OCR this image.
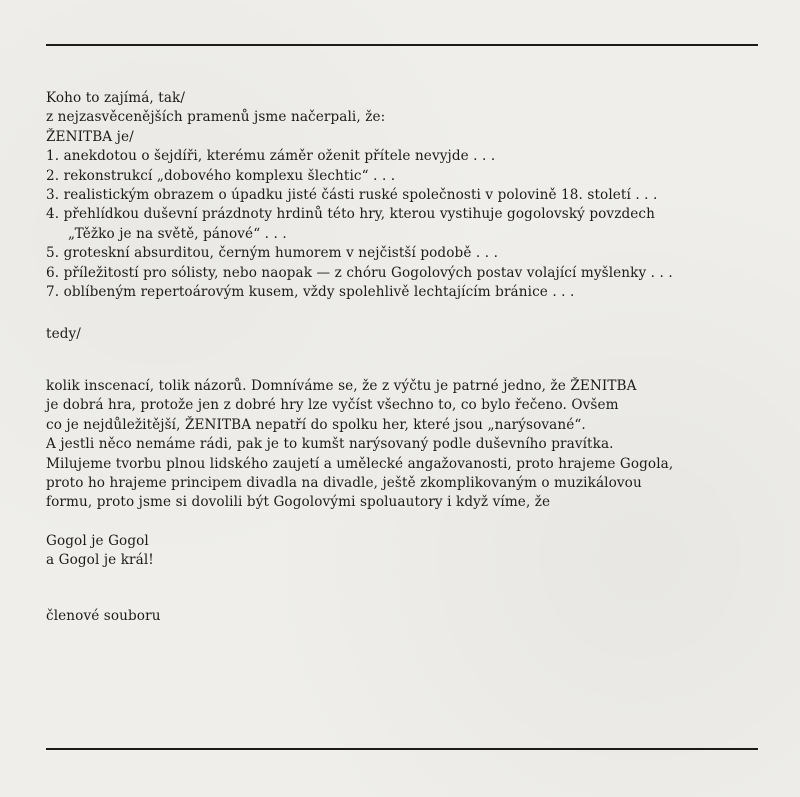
Koho to zajímá, tak/
z nejzasvěcenějších pramenů jsme načerpali, že:
ŽENITBA je/
1. anekdotou o šejdíři, kterému záměr oženit přítele nevyjde . . .
2. rekonstrukcí „dobového komplexu šlechtic“ . . .
3. realistickým obrazem o úpadku jisté části ruské společnosti v polovině 18. století . . .
4. přehlídkou duševní prázdnoty hrdinů této hry, kterou vystihuje gogolovský povzdech
„Těžko je na světě, pánové“ . . .
5. groteskní absurditou, černým humorem v nejčistší podobě . . .
6. příležitostí pro sólisty, nebo naopak — z chóru Gogolových postav volající myšlenky . . .
7. oblíbeným repertoárovým kusem, vždy spolehlivě lechtajícím bránice . . .
tedy/
kolik inscenací, tolik názorů. Domníváme se, že z výčtu je patrné jedno, že ŽENITBA
je dobrá hra, protože jen z dobré hry lze vyčíst všechno to, co bylo řečeno. Ovšem
co je nejdůležitější, ŽENITBA nepatří do spolku her, které jsou „narýsované“.
A jestli něco nemáme rádi, pak je to kumšt narýsovaný podle duševního pravítka.
Milujeme tvorbu plnou lidského zaujetí a umělecké angažovanosti, proto hrajeme Gogola,
proto ho hrajeme principem divadla na divadle, ještě zkomplikovaným o muzikálovou
formu, proto jsme si dovolili být Gogolovými spoluautory i když víme, že
Gogol je Gogol
a Gogol je král!
členové souboru
